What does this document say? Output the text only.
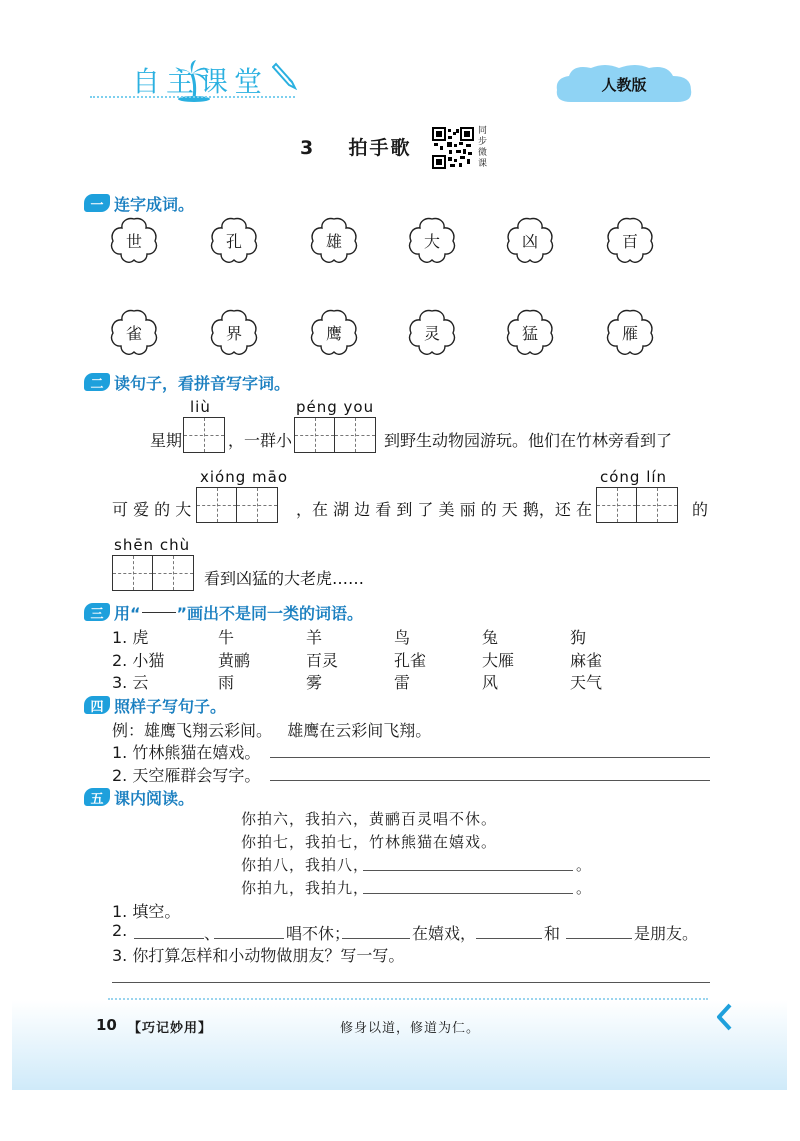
自主课堂	人教版
3 拍手歌
同步微课
一 连字成词。
世	孔	雄	大	凶	百
雀	界	鹰	灵	猛	雁
二 读句子，看拼音写字词。
liù	péng you
星期	，一群小	到野生动物园游玩。他们在竹林旁看到了
xióng māo	cóng lín
可 爱 的 大	，在 湖 边 看 到 了 美 丽 的 天 鹅，还 在	的
shēn chù
看到凶猛的大老虎……
三 用“ ”画出不是同一类的词语。
1. 虎	牛	羊	鸟	兔	狗
2. 小猫	黄鹂	百灵	孔雀	大雁	麻雀
3. 云	雨	雾	雷	风	天气
四 照样子写句子。
例：雄鹰飞翔云彩间。   雄鹰在云彩间飞翔。
1. 竹林熊猫在嬉戏。
2. 天空雁群会写字。
五 课内阅读。
你拍六，我拍六，黄鹂百灵唱不休。
你拍七，我拍七，竹林熊猫在嬉戏。
你拍八，我拍八，	。
你拍九，我拍九，	。
1. 填空。
2.	、	唱不休；	在嬉戏，	和	是朋友。
3. 你打算怎样和小动物做朋友？写一写。
10 【巧记妙用】	修身以道，修道为仁。
